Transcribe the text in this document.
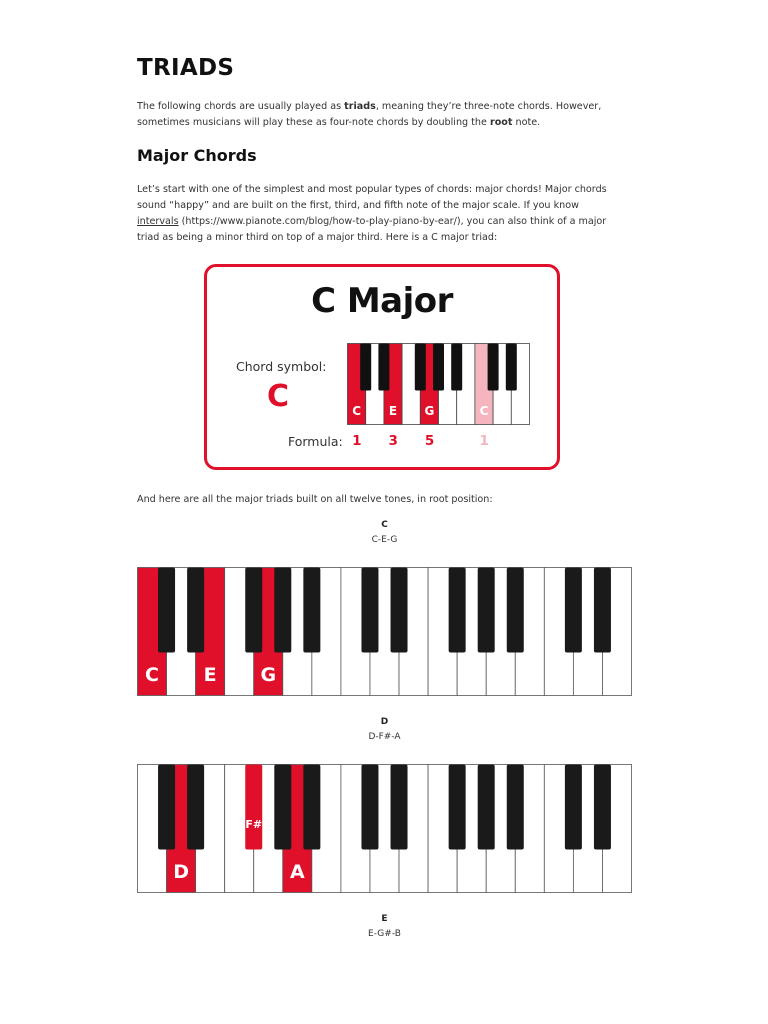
TRIADS

The following chords are usually played as triads, meaning they’re three-note chords. However, sometimes musicians will play these as four-note chords by doubling the root note.

Major Chords

Let’s start with one of the simplest and most popular types of chords: major chords! Major chords sound “happy” and are built on the first, third, and fifth note of the major scale. If you know intervals (https://www.pianote.com/blog/how-to-play-piano-by-ear/), you can also think of a major triad as being a minor third on top of a major third. Here is a C major triad:

C Major
Chord symbol:
C
Formula:
C E G	C
1 3 5	1

And here are all the major triads built on all twelve tones, in root position:

C
C-E-G
C E G
D
D-F#-A
F#
D	A
E
E-G#-B
